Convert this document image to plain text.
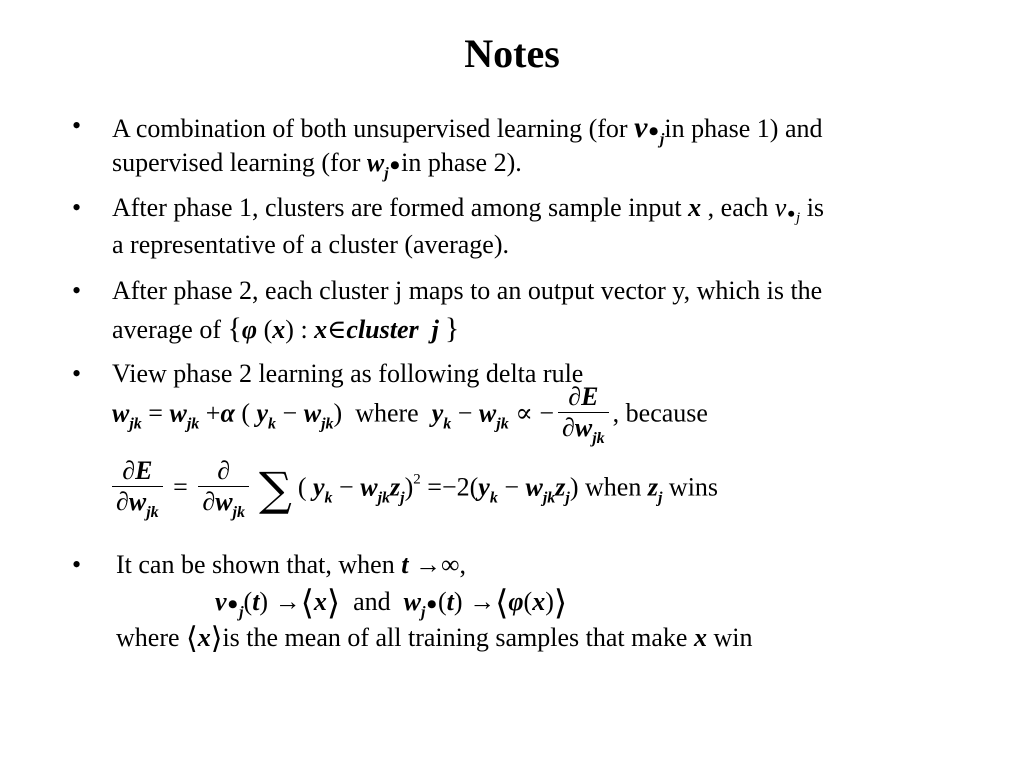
Notes
• A combination of both unsupervised learning (for $v•_jin$ phase 1) and
supervised learning (for $w_j•in$ phase 2).
• After phase 1, clusters are formed among sample input x , each $v•_j$ is
a representative of a cluster (average).
• After phase 2, each cluster j maps to an output vector y, which is the
average of {φ (x) : x∈cluster j }
• View phase 2 learning as following delta rule
$w_{jk} = w_{jk} +\alpha$ ( $y_k - w_{jk}$)  where $y_k - w_{jk}$ ∝ − $\frac{\partial E}{\partial w_{jk}}$ , because
$\frac{\partial E}{\partial w_{jk}} = \frac{\partial}{\partial w_{jk}}$ ∑ ( $y_k - w_{jk}z_j)^2 =-2(y_k - w_{jk}z_j)$ when $z_j$ wins
• It can be shown that, when t →∞,
$v•_j(t)$ →⟨x⟩ and $w_j•(t)$ →⟨φ(x)⟩
where ⟨x⟩is the mean of all training samples that make x win
